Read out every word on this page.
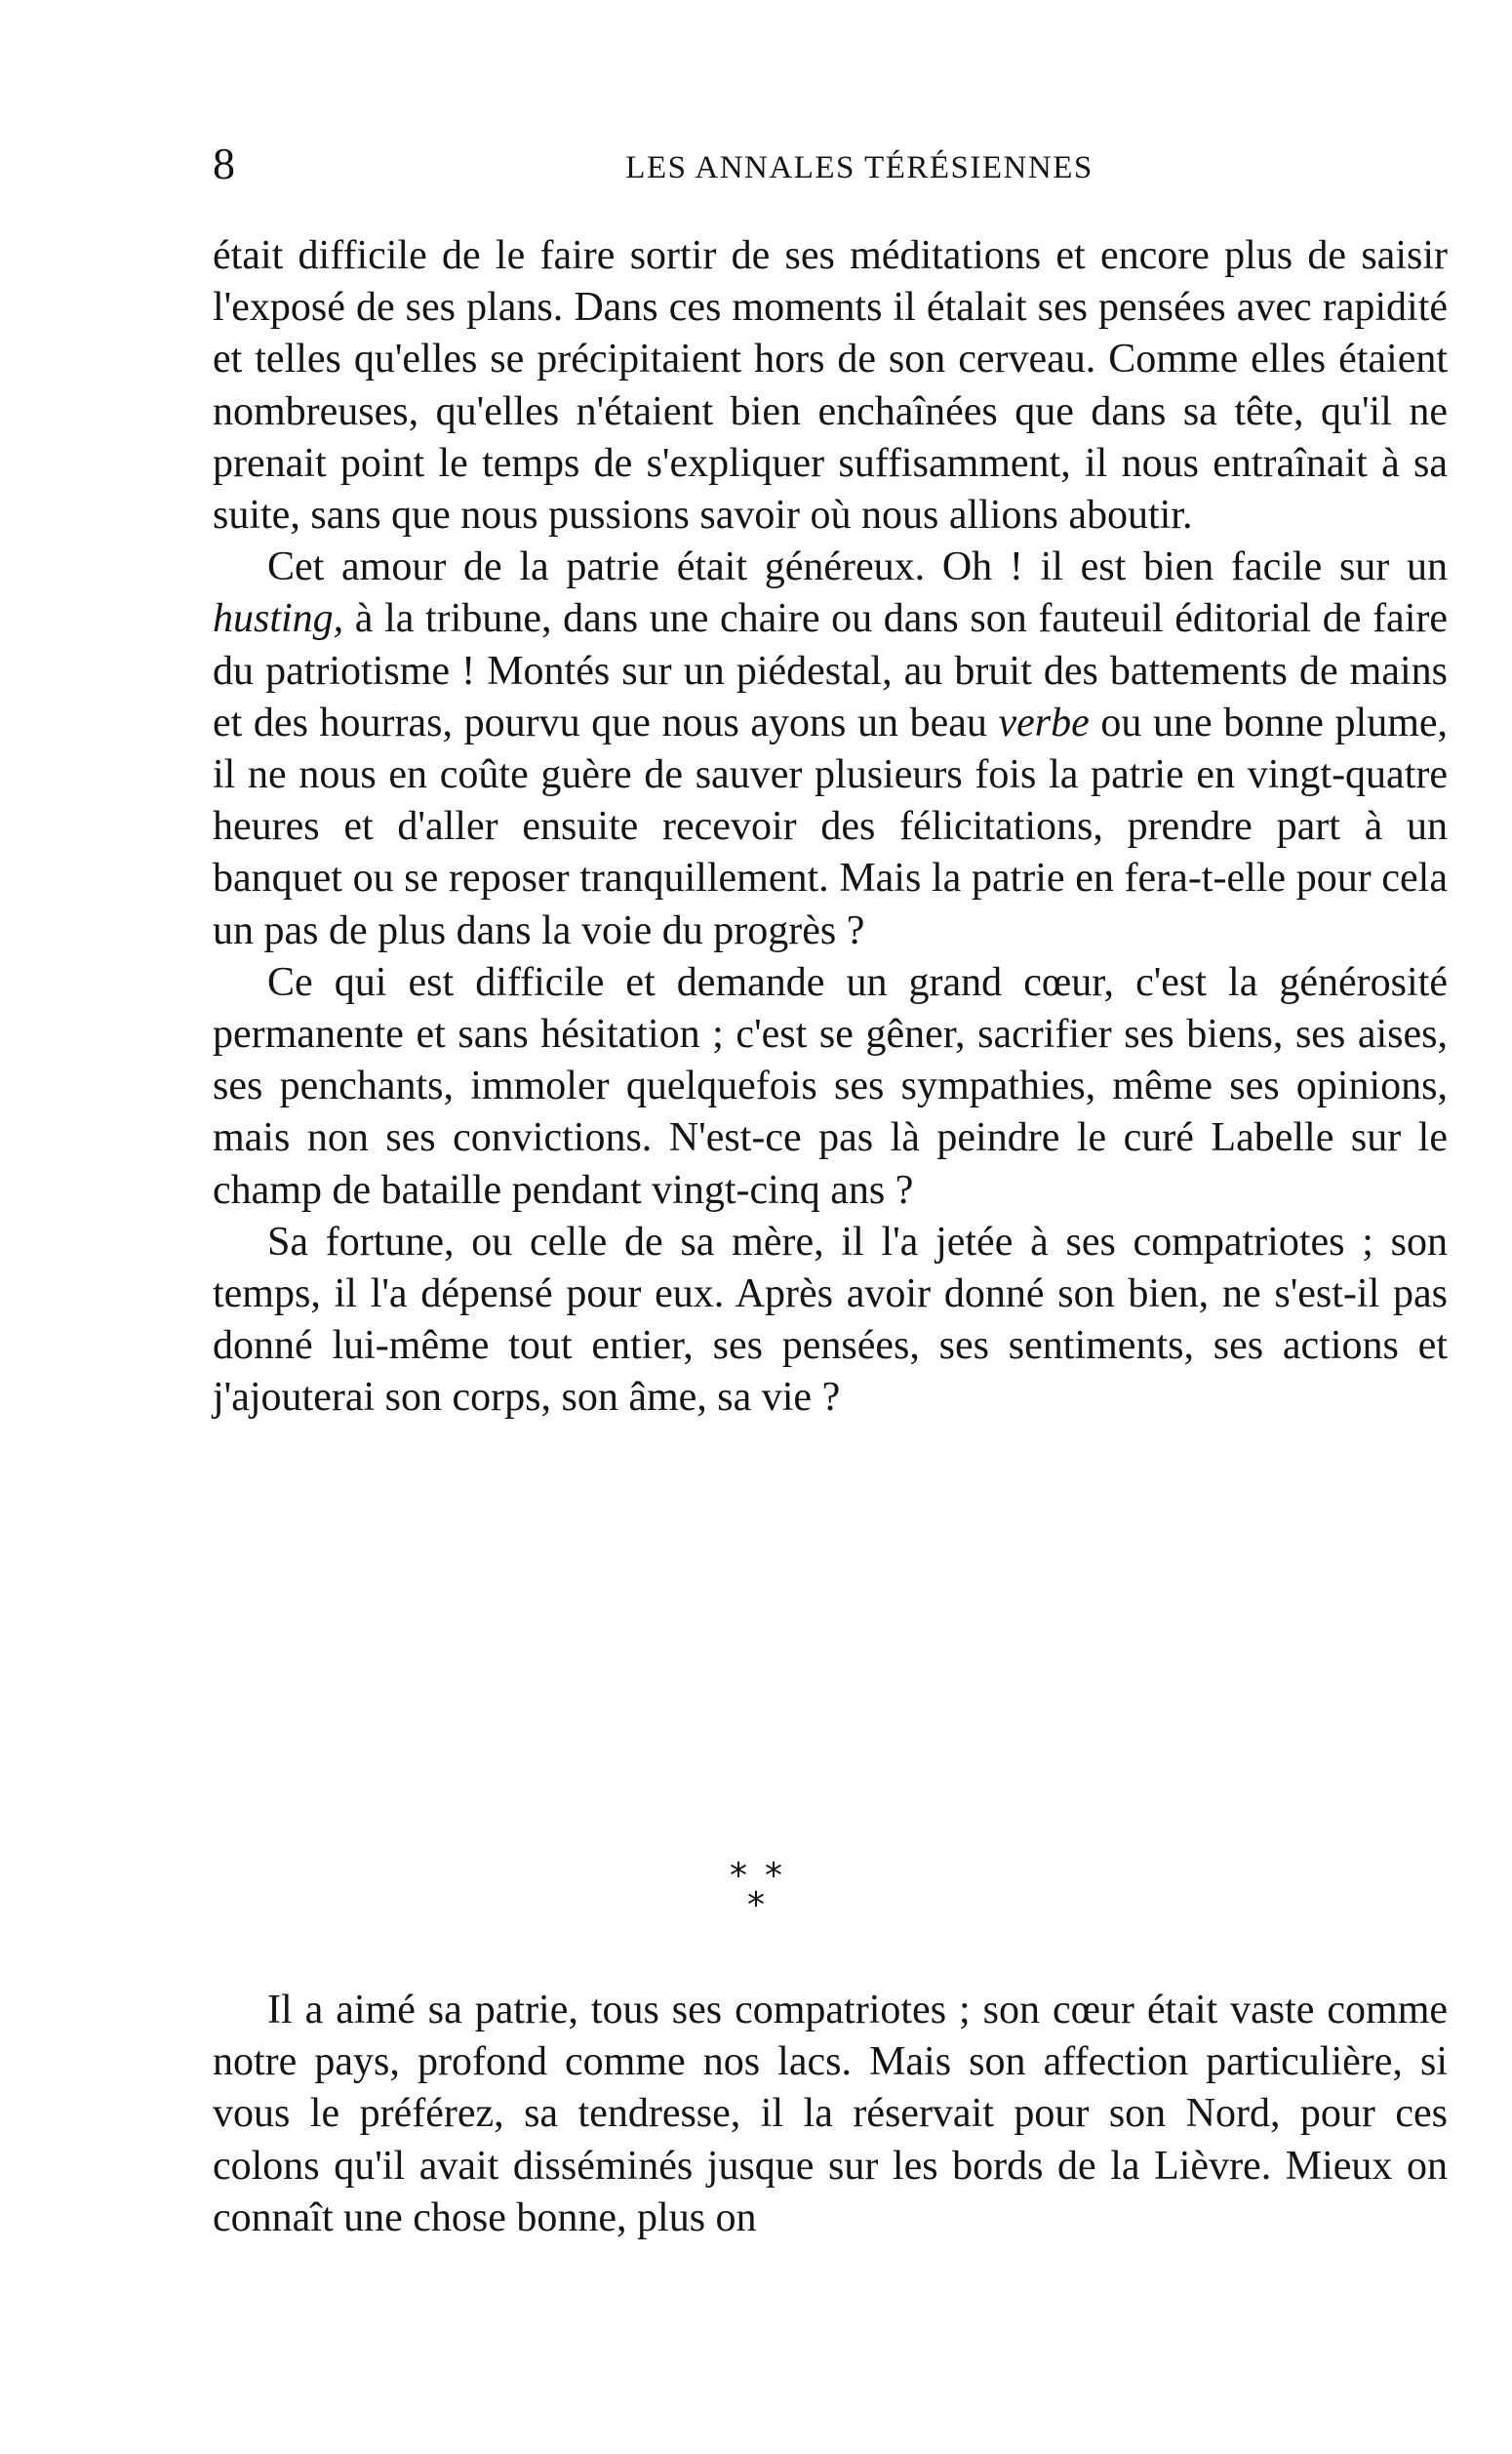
8	LES ANNALES TÉRÉSIENNES

était difficile de le faire sortir de ses méditations et encore plus de saisir l'exposé de ses plans. Dans ces moments il étalait ses pensées avec rapidité et telles qu'elles se précipitaient hors de son cerveau. Comme elles étaient nombreuses, qu'elles n'étaient bien enchaînées que dans sa tête, qu'il ne prenait point le temps de s'expliquer suffisamment, il nous entraînait à sa suite, sans que nous pussions savoir où nous allions aboutir.

Cet amour de la patrie était généreux. Oh ! il est bien facile sur un husting, à la tribune, dans une chaire ou dans son fauteuil éditorial de faire du patriotisme ! Montés sur un piédestal, au bruit des battements de mains et des hourras, pourvu que nous ayons un beau verbe ou une bonne plume, il ne nous en coûte guère de sauver plusieurs fois la patrie en vingt-quatre heures et d'aller ensuite recevoir des félicitations, prendre part à un banquet ou se reposer tranquillement. Mais la patrie en fera-t-elle pour cela un pas de plus dans la voie du progrès ?

Ce qui est difficile et demande un grand cœur, c'est la générosité permanente et sans hésitation ; c'est se gêner, sacrifier ses biens, ses aises, ses penchants, immoler quelquefois ses sympathies, même ses opinions, mais non ses convictions. N'est-ce pas là peindre le curé Labelle sur le champ de bataille pendant vingt-cinq ans ?

Sa fortune, ou celle de sa mère, il l'a jetée à ses compatriotes ; son temps, il l'a dépensé pour eux. Après avoir donné son bien, ne s'est-il pas donné lui-même tout entier, ses pensées, ses sentiments, ses actions et j'ajouterai son corps, son âme, sa vie ?

**
*

Il a aimé sa patrie, tous ses compatriotes ; son cœur était vaste comme notre pays, profond comme nos lacs. Mais son affection particulière, si vous le préférez, sa tendresse, il la réservait pour son Nord, pour ces colons qu'il avait disséminés jusque sur les bords de la Lièvre. Mieux on connaît une chose bonne, plus on
